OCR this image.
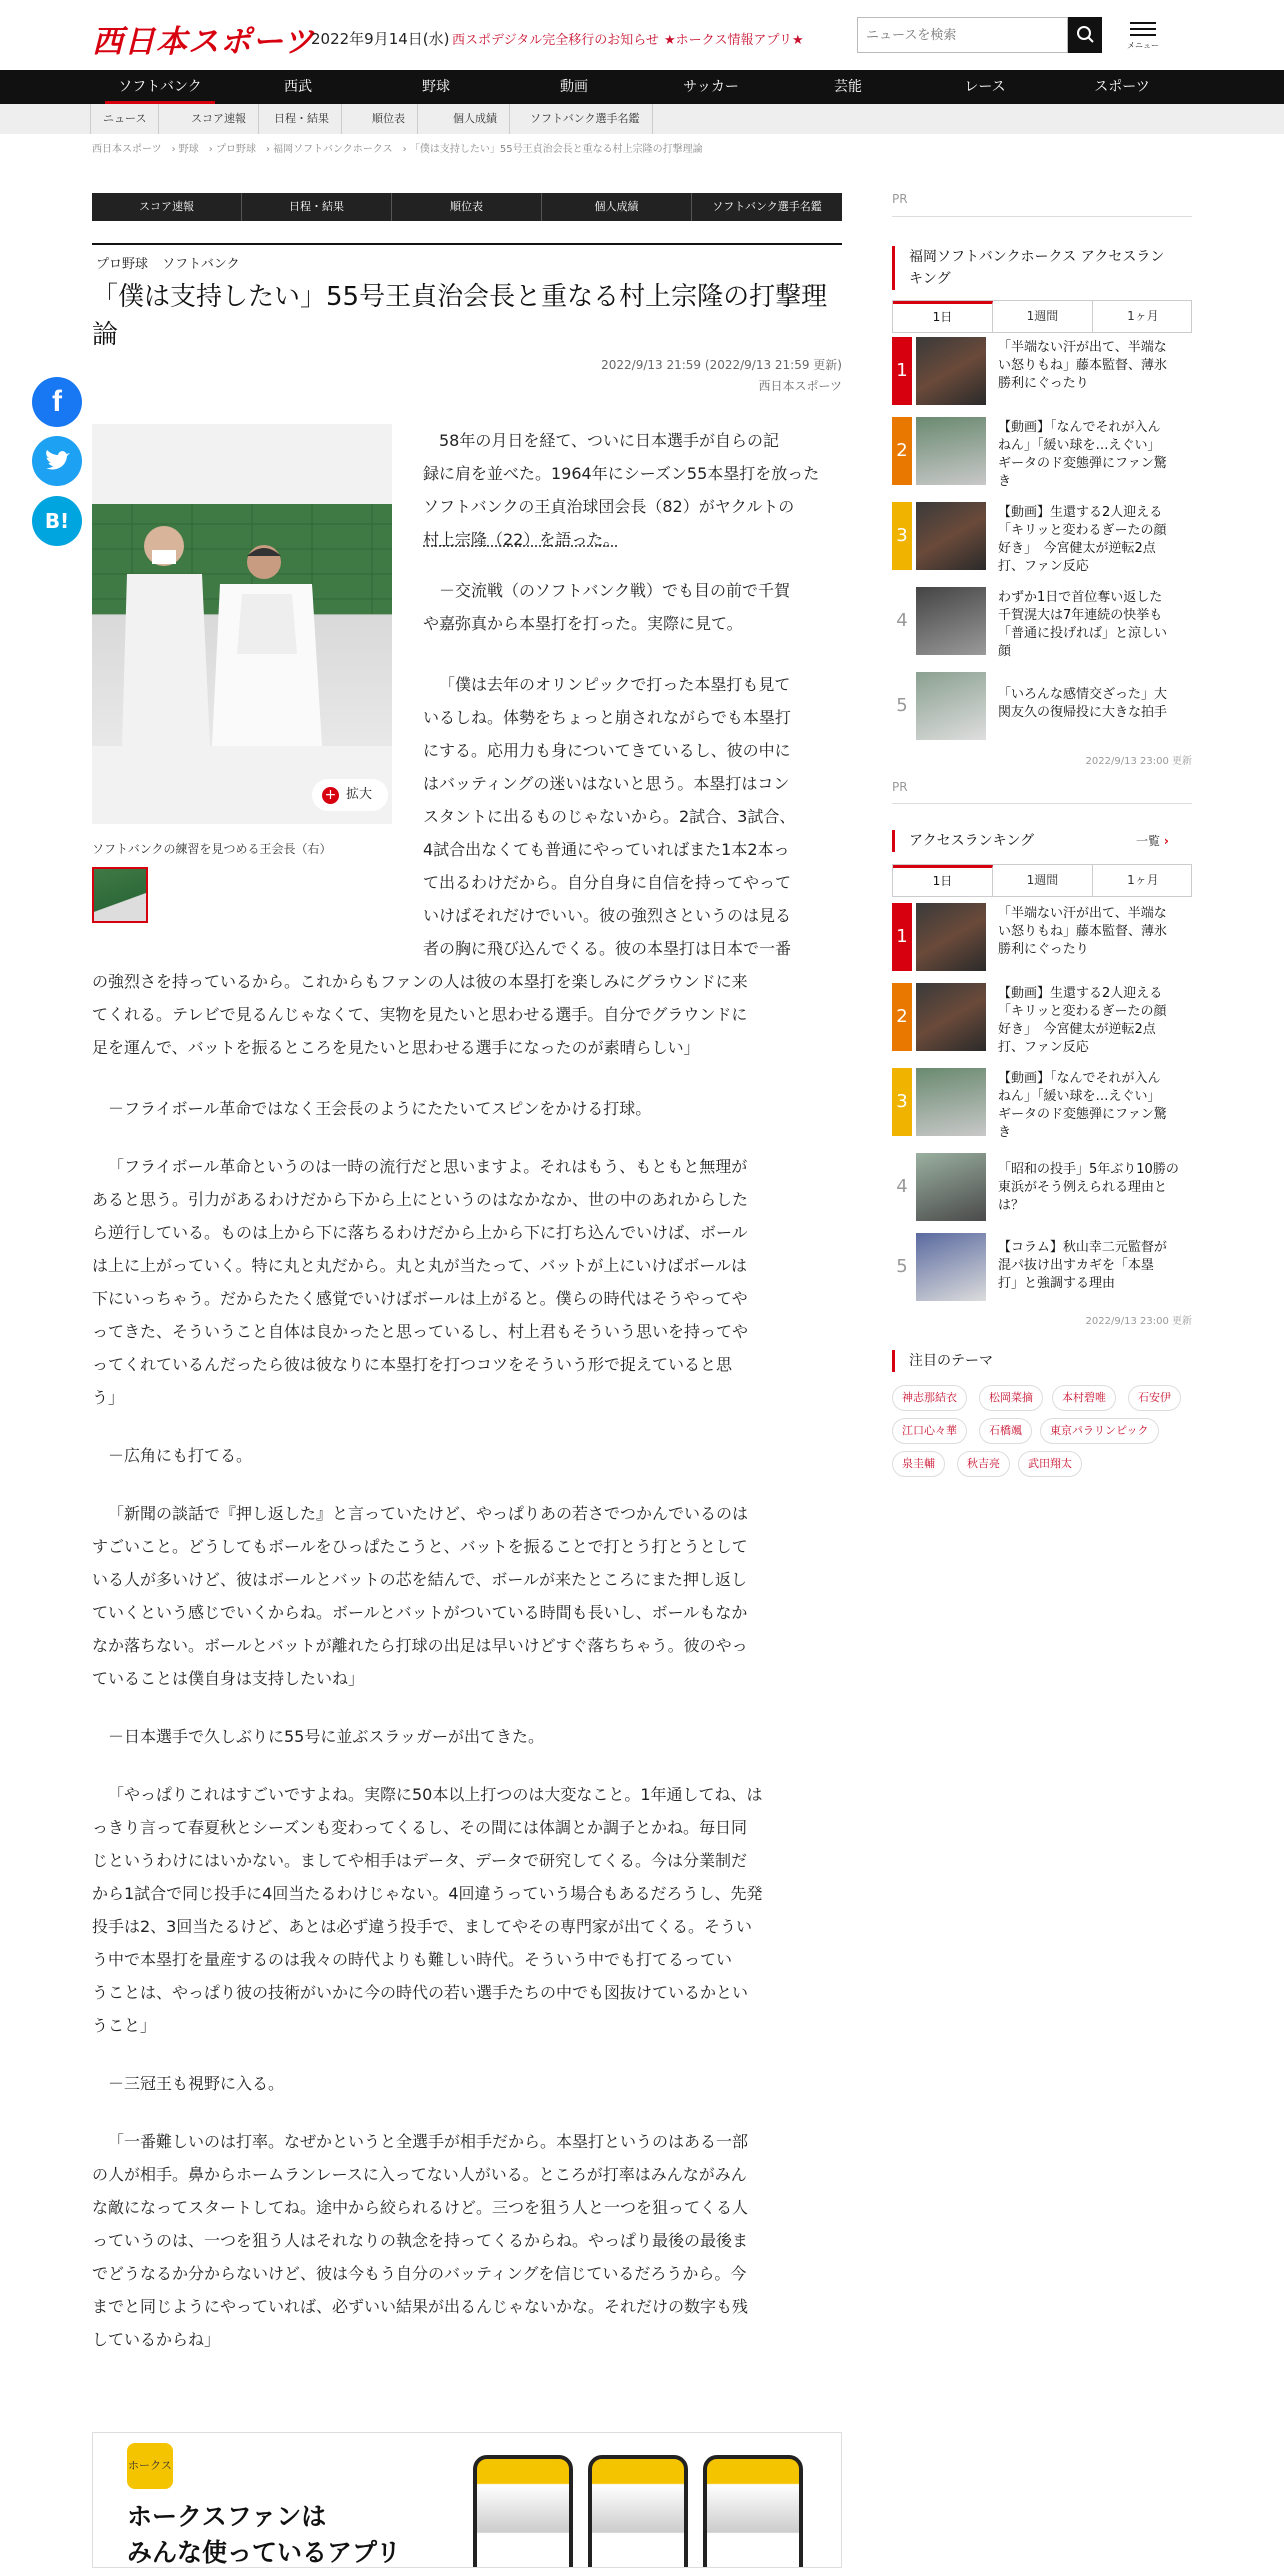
西日本スポーツ
2022年9月14日(水) 西スポデジタル完全移行のお知らせ ★ホークス情報アプリ★
ニュースを検索	メニュー
ソフトバンク	西武	野球	動画	サッカー	芸能	レース	スポーツ
ニュース	スコア速報	日程・結果	順位表	個人成績	ソフトバンク選手名鑑
西日本スポーツ › 野球 › プロ野球 › 福岡ソフトバンクホークス › 「僕は支持したい」55号王貞治会長と重なる村上宗隆の打撃理論
f
B!
スコア速報	日程・結果	順位表	個人成績	ソフトバンク選手名鑑
プロ野球 ソフトバンク
「僕は支持したい」55号王貞治会長と重なる村上宗隆の打撃理論
2022/9/13 21:59 (2022/9/13 21:59 更新)
西日本スポーツ
+ 拡大
ソフトバンクの練習を見つめる王会長（右）
58年の月日を経て、ついに日本選手が自らの記
録に肩を並べた。1964年にシーズン55本塁打を放った
ソフトバンクの王貞治球団会長（82）がヤクルトの
村上宗隆（22）を語った。
－交流戦（のソフトバンク戦）でも目の前で千賀
や嘉弥真から本塁打を打った。実際に見て。
「僕は去年のオリンピックで打った本塁打も見て
いるしね。体勢をちょっと崩されながらでも本塁打
にする。応用力も身についてきているし、彼の中に
はバッティングの迷いはないと思う。本塁打はコン
スタントに出るものじゃないから。2試合、3試合、
4試合出なくても普通にやっていればまた1本2本っ
て出るわけだから。自分自身に自信を持ってやって
いけばそれだけでいい。彼の強烈さというのは見る
者の胸に飛び込んでくる。彼の本塁打は日本で一番
の強烈さを持っているから。これからもファンの人は彼の本塁打を楽しみにグラウンドに来
てくれる。テレビで見るんじゃなくて、実物を見たいと思わせる選手。自分でグラウンドに
足を運んで、バットを振るところを見たいと思わせる選手になったのが素晴らしい」
－フライボール革命ではなく王会長のようにたたいてスピンをかける打球。
「フライボール革命というのは一時の流行だと思いますよ。それはもう、もともと無理が
あると思う。引力があるわけだから下から上にというのはなかなか、世の中のあれからした
ら逆行している。ものは上から下に落ちるわけだから上から下に打ち込んでいけば、ボール
は上に上がっていく。特に丸と丸だから。丸と丸が当たって、バットが上にいけばボールは
下にいっちゃう。だからたたく感覚でいけばボールは上がると。僕らの時代はそうやってや
ってきた、そういうこと自体は良かったと思っているし、村上君もそういう思いを持ってや
ってくれているんだったら彼は彼なりに本塁打を打つコツをそういう形で捉えていると思
う」
－広角にも打てる。
「新聞の談話で『押し返した』と言っていたけど、やっぱりあの若さでつかんでいるのは
すごいこと。どうしてもボールをひっぱたこうと、バットを振ることで打とう打とうとして
いる人が多いけど、彼はボールとバットの芯を結んで、ボールが来たところにまた押し返し
ていくという感じでいくからね。ボールとバットがついている時間も長いし、ボールもなか
なか落ちない。ボールとバットが離れたら打球の出足は早いけどすぐ落ちちゃう。彼のやっ
ていることは僕自身は支持したいね」
－日本選手で久しぶりに55号に並ぶスラッガーが出てきた。
「やっぱりこれはすごいですよね。実際に50本以上打つのは大変なこと。1年通してね、は
っきり言って春夏秋とシーズンも変わってくるし、その間には体調とか調子とかね。毎日同
じというわけにはいかない。ましてや相手はデータ、データで研究してくる。今は分業制だ
から1試合で同じ投手に4回当たるわけじゃない。4回違うっていう場合もあるだろうし、先発
投手は2、3回当たるけど、あとは必ず違う投手で、ましてやその専門家が出てくる。そうい
う中で本塁打を量産するのは我々の時代よりも難しい時代。そういう中でも打てるってい
うことは、やっぱり彼の技術がいかに今の時代の若い選手たちの中でも図抜けているかとい
うこと」
－三冠王も視野に入る。
「一番難しいのは打率。なぜかというと全選手が相手だから。本塁打というのはある一部
の人が相手。鼻からホームランレースに入ってない人がいる。ところが打率はみんながみん
な敵になってスタートしてね。途中から絞られるけど。三つを狙う人と一つを狙ってくる人
っていうのは、一つを狙う人はそれなりの執念を持ってくるからね。やっぱり最後の最後ま
でどうなるか分からないけど、彼は今もう自分のバッティングを信じているだろうから。今
までと同じようにやっていれば、必ずいい結果が出るんじゃないかな。それだけの数字も残
しているからね」
ホークス
ホークスファンは
みんな使っているアプリ
PR
福岡ソフトバンクホークス アクセスラン
キング
1日	1週間	1ヶ月
1
「半端ない汗が出て、半端な
い怒りもね」藤本監督、薄氷
勝利にぐったり
2
【動画】「なんでそれが入ん
ねん」「緩い球を…えぐい」
ギータのド変態弾にファン驚
き
3
【動画】生還する2人迎える
「キリッと変わるぎーたの顔
好き」　今宮健太が逆転2点
打、ファン反応
4
わずか1日で首位奪い返した
千賀滉大は7年連続の快挙も
「普通に投げれば」と涼しい
顔
5
「いろんな感情交ざった」大
関友久の復帰投に大きな拍手
2022/9/13 23:00 更新
PR
アクセスランキング	一覧 ›
1日	1週間	1ヶ月
1
「半端ない汗が出て、半端な
い怒りもね」藤本監督、薄氷
勝利にぐったり
2
【動画】生還する2人迎える
「キリッと変わるぎーたの顔
好き」　今宮健太が逆転2点
打、ファン反応
3
【動画】「なんでそれが入ん
ねん」「緩い球を…えぐい」
ギータのド変態弾にファン驚
き
4
「昭和の投手」5年ぶり10勝の
東浜がそう例えられる理由と
は？
5
【コラム】秋山幸二元監督が
混パ抜け出すカギを「本塁
打」と強調する理由
2022/9/13 23:00 更新
注目のテーマ
神志那結衣	松岡菜摘	本村碧唯	石安伊
江口心々華	石橋颯	東京パラリンピック
泉圭輔	秋吉亮	武田翔太
